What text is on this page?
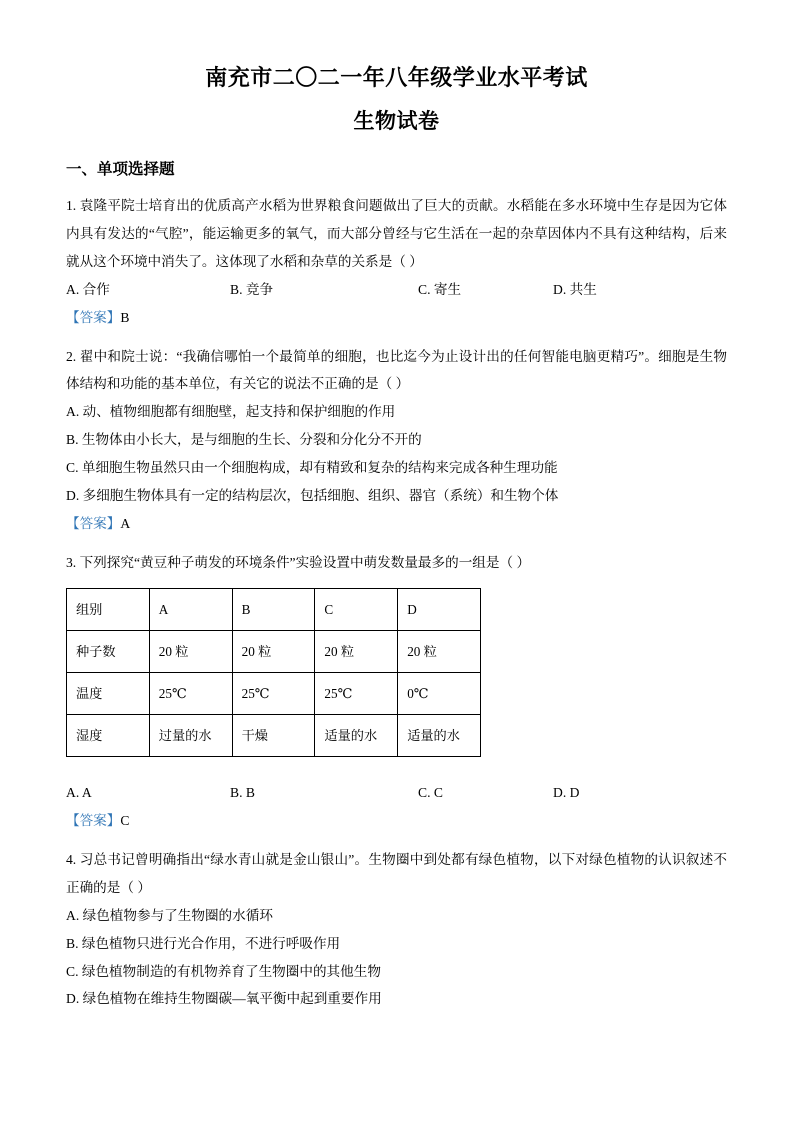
南充市二〇二一年八年级学业水平考试
生物试卷
一、单项选择题

1. 袁隆平院士培育出的优质高产水稻为世界粮食问题做出了巨大的贡献。水稻能在多水环境中生存是因为它体内具有发达的“气腔”，能运输更多的氧气，而大部分曾经与它生活在一起的杂草因体内不具有这种结构，后来就从这个环境中消失了。这体现了水稻和杂草的关系是（ ）

A. 合作	B. 竞争	C. 寄生	D. 共生

【答案】B

2. 翟中和院士说：“我确信哪怕一个最简单的细胞，也比迄今为止设计出的任何智能电脑更精巧”。细胞是生物体结构和功能的基本单位，有关它的说法不正确的是（ ）

A. 动、植物细胞都有细胞壁，起支持和保护细胞的作用

B. 生物体由小长大，是与细胞的生长、分裂和分化分不开的

C. 单细胞生物虽然只由一个细胞构成，却有精致和复杂的结构来完成各种生理功能

D. 多细胞生物体具有一定的结构层次，包括细胞、组织、器官（系统）和生物个体

【答案】A

3. 下列探究“黄豆种子萌发的环境条件”实验设置中萌发数量最多的一组是（ ）

组别	A	B	C	D
种子数	20 粒	20 粒	20 粒	20 粒
温度	25℃	25℃	25℃	0℃
湿度	过量的水	干燥	适量的水	适量的水
A. A	B. B	C. C	D. D

【答案】C

4. 习总书记曾明确指出“绿水青山就是金山银山”。生物圈中到处都有绿色植物，以下对绿色植物的认识叙述不正确的是（ ）

A. 绿色植物参与了生物圈的水循环

B. 绿色植物只进行光合作用，不进行呼吸作用

C. 绿色植物制造的有机物养育了生物圈中的其他生物

D. 绿色植物在维持生物圈碳—氧平衡中起到重要作用
